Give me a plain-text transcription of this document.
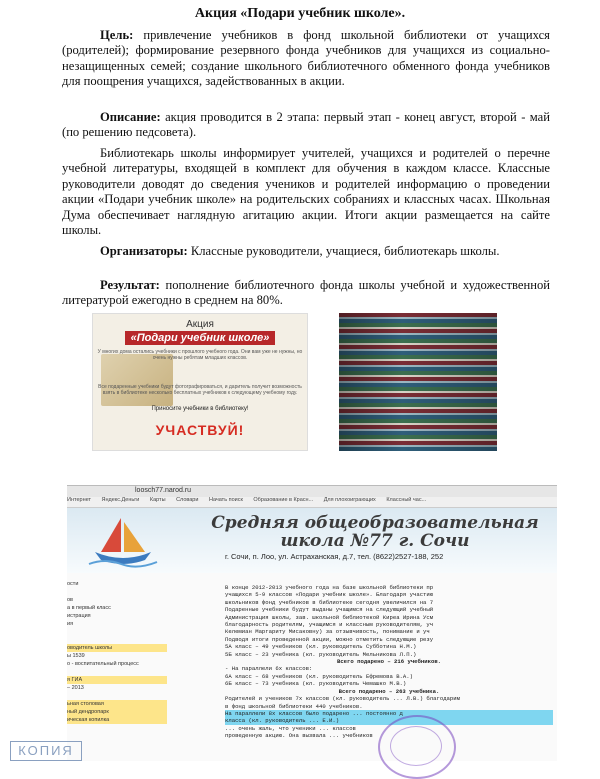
Акция «Подари учебник школе».
Цель: привлечение учебников в фонд школьной библиотеки от учащихся (родителей); формирование резервного фонда учебников для учащихся из социально-незащищенных семей; создание школьного библиотечного обменного фонда учебников для поощрения учащихся, задействованных в акции.
Описание: акция проводится в 2 этапа: первый этап - конец август, второй - май (по решению педсовета).
Библиотекарь школы информирует учителей, учащихся и родителей о перечне учебной литературы, входящей в комплект для обучения в каждом классе. Классные руководители доводят до сведения учеников и родителей информацию о проведении акции «Подари учебник школе» на родительских собраниях и классных часах. Школьная Дума обеспечивает наглядную агитацию акции. Итоги акции размещается на сайте школы.
Организаторы: Классные руководители, учащиеся, библиотекарь школы.
Результат: пополнение библиотечного фонда школы учебной и художественной литературой ежегодно в среднем на 80%.
Акция
«Подари учебник школе»
У многих дома остались учебники с прошлого учебного года. Они вам уже не нужны, но очень нужны ребятам младших классов.
Все подаренные учебники будут фотографироваться, и даритель получит возможность взять в библиотеке несколько бесплатных учебников к следующему учебному году.
Приносите учебники в библиотеку!
УЧАСТВУЙ!
loosch77.narod.ru
Интернет Яндекс.Деньги Карты Словари Начать поиск Образование в Красн... Для плохоиграющих Классный час...
Средняя общеобразовательная школа №77 г. Сочи
г. Сочи, п. Лоо, ул. Астраханская, д.7, тел. (8622)2527-188, 252
ости

ов
а в первый класс
истрация
ия

оводитель школы
ы 1539
о - воспитательный процесс

я ГИА
– 2013

ьная столовая
ный дендропарк
ическая копилка
В конце 2012-2013 учебного года на базе школьной библиотеки пр
учащихся 5-9 классов «Подари учебник школе». Благодаря участию
школьников фонд учебников в библиотеке сегодня увеличился на 7
Подаренные учебники будут выданы учащимся на следующий учебный
Администрация школы, зав. школьной библиотекой Киреа Ирина Усм
благодарность родителям, учащимся и классным руководителям, уч
Келемиан Маргариту Мисаковну) за отзывчивость, понимание и уч
Подводя итоги проведенной акции, можно отметить следующие резу
5А класс – 49 учебников (кл. руководитель Субботина Н.М.)
5Б класс – 23 учебника (кл. руководитель Мельникова Л.П.)
Всего подарено – 216 учебников.
- На параллели 6х классов:
6А класс – 68 учебников (кл. руководитель Ефремова В.А.)
6Б класс – 73 учебника (кл. руководитель Чемашко М.В.)
Всего подарено – 263 учебника.
Родителей и учеников 7х классов (кл. руководитель ... Л.В.) благодарим
в фонд школьной библиотеки 440 учебников.
На параллели 8х классов было подарено ... постоянно д
класса (кл. руководитель ... Е.И.)
... очень жаль, что ученики ... классов
проведенную акцию. Она вызвала ... учебников
КОПИЯ
